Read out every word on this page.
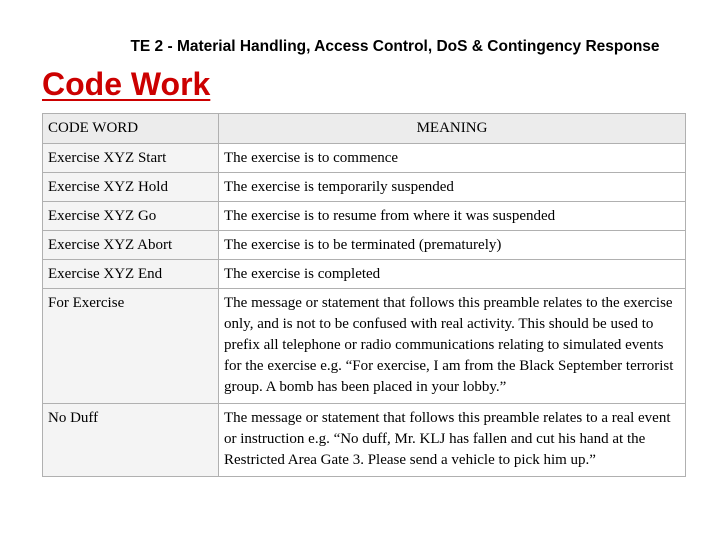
TE 2 - Material Handling, Access Control, DoS & Contingency Response
Code Work
CODE WORD	MEANING
Exercise XYZ Start	The exercise is to commence
Exercise XYZ Hold	The exercise is temporarily suspended
Exercise XYZ Go	The exercise is to resume from where it was suspended
Exercise XYZ Abort	The exercise is to be terminated (prematurely)
Exercise XYZ End	The exercise is completed
For Exercise	The message or statement that follows this preamble relates to the exercise only, and is not to be confused with real activity. This should be used to prefix all telephone or radio communications relating to simulated events for the exercise e.g. “For exercise, I am from the Black September terrorist group. A bomb has been placed in your lobby.”
No Duff	The message or statement that follows this preamble relates to a real event or instruction e.g. “No duff, Mr. KLJ has fallen and cut his hand at the Restricted Area Gate 3. Please send a vehicle to pick him up.”
